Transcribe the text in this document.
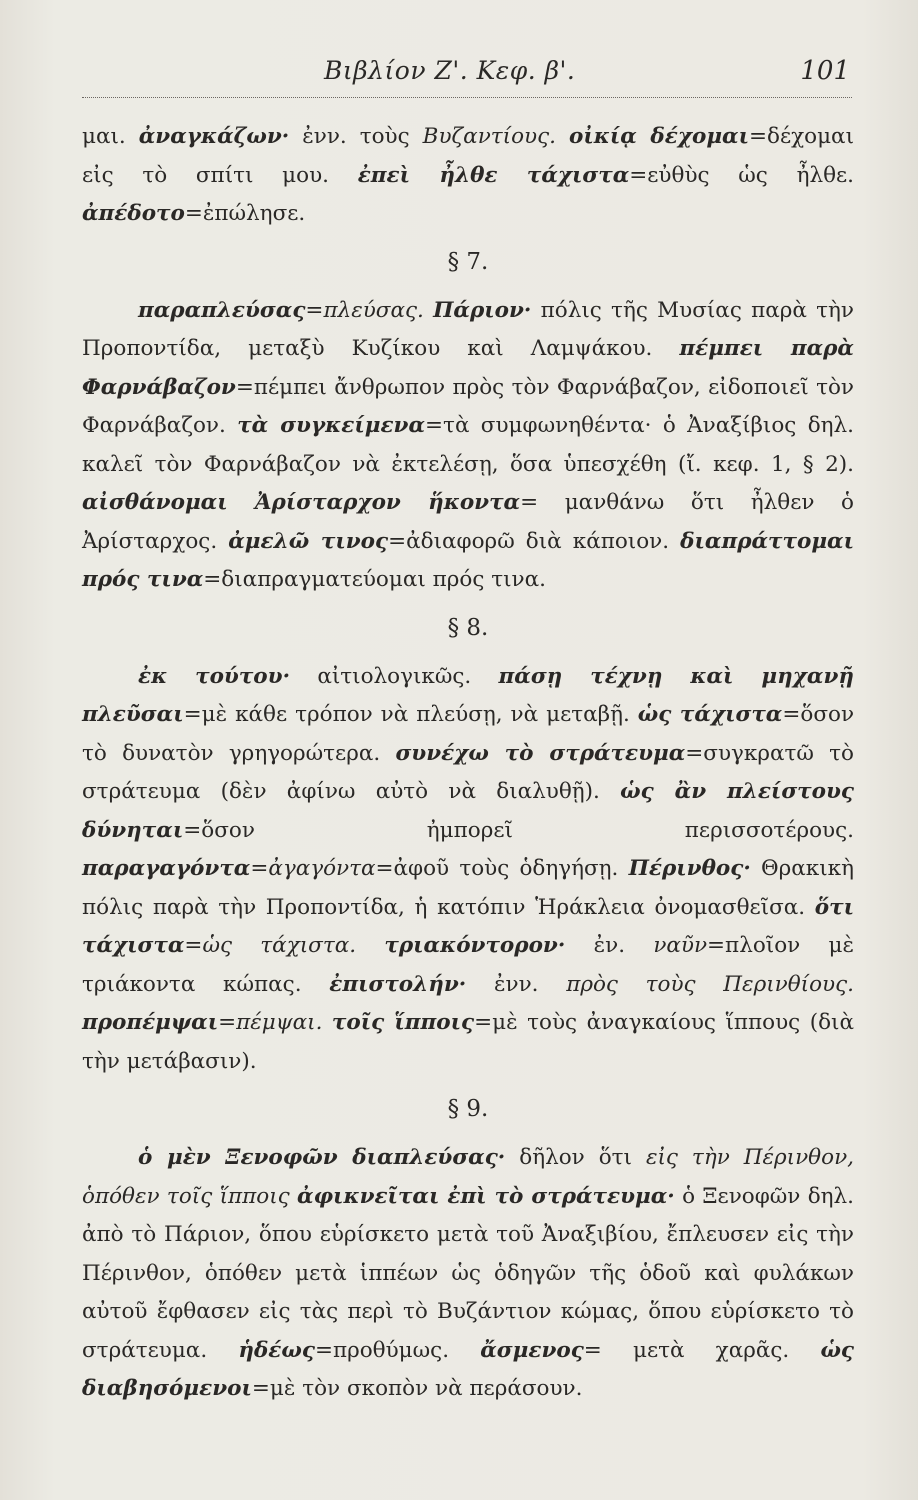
Βιβλίον Ζ'. Κεφ. β'.	101

μαι. ἀναγκάζων· ἐνν. τοὺς Βυζαντίους. οἰκίᾳ δέχομαι=δέχομαι εἰς τὸ σπίτι μου. ἐπεὶ ἦλθε τάχιστα=εὐθὺς ὡς ἦλθε. ἀπέδοτο=ἐπώλησε.

§ 7.

παραπλεύσας=πλεύσας. Πάριον· πόλις τῆς Μυσίας παρὰ τὴν Προποντίδα, μεταξὺ Κυζίκου καὶ Λαμψάκου. πέμπει παρὰ Φαρνάβαζον=πέμπει ἄνθρωπον πρὸς τὸν Φαρνάβαζον, εἰδοποιεῖ τὸν Φαρνάβαζον. τὰ συγκείμενα=τὰ συμφωνηθέντα· ὁ Ἀναξίβιος δηλ. καλεῖ τὸν Φαρνάβαζον νὰ ἐκτελέσῃ, ὅσα ὑπεσχέθη (ἴ. κεφ. 1, § 2). αἰσθάνομαι Ἀρίσταρχον ἥκοντα= μανθάνω ὅτι ἦλθεν ὁ Ἀρίσταρχος. ἀμελῶ τινος=ἀδιαφορῶ διὰ κάποιον. διαπράττομαι πρός τινα=διαπραγματεύομαι πρός τινα.

§ 8.

ἐκ τούτου· αἰτιολογικῶς. πάσῃ τέχνῃ καὶ μηχανῇ πλεῦσαι=μὲ κάθε τρόπον νὰ πλεύσῃ, νὰ μεταβῇ. ὡς τάχιστα=ὅσον τὸ δυνατὸν γρηγορώτερα. συνέχω τὸ στράτευμα=συγκρατῶ τὸ στράτευμα (δὲν ἀφίνω αὐτὸ νὰ διαλυθῇ). ὡς ἂν πλείστους δύνηται=ὅσον ἠμπορεῖ περισσοτέρους. παραγαγόντα=ἀγαγόντα=ἀφοῦ τοὺς ὁδηγήσῃ. Πέρινθος· Θρακικὴ πόλις παρὰ τὴν Προποντίδα, ἡ κατόπιν Ἡράκλεια ὀνομασθεῖσα. ὅτι τάχιστα=ὡς τάχιστα. τριακόντορον· ἐν. ναῦν=πλοῖον μὲ τριάκοντα κώπας. ἐπιστολήν· ἐνν. πρὸς τοὺς Περινθίους. προπέμψαι=πέμψαι. τοῖς ἵπποις=μὲ τοὺς ἀναγκαίους ἵππους (διὰ τὴν μετάβασιν).

§ 9.

ὁ μὲν Ξενοφῶν διαπλεύσας· δῆλον ὅτι εἰς τὴν Πέρινθον, ὁπόθεν τοῖς ἵπποις ἀφικνεῖται ἐπὶ τὸ στράτευμα· ὁ Ξενοφῶν δηλ. ἀπὸ τὸ Πάριον, ὅπου εὑρίσκετο μετὰ τοῦ Ἀναξιβίου, ἔπλευσεν εἰς τὴν Πέρινθον, ὁπόθεν μετὰ ἱππέων ὡς ὁδηγῶν τῆς ὁδοῦ καὶ φυλάκων αὐτοῦ ἔφθασεν εἰς τὰς περὶ τὸ Βυζάντιον κώμας, ὅπου εὑρίσκετο τὸ στράτευμα. ἡδέως=προθύμως. ἄσμενος= μετὰ χαρᾶς. ὡς διαβησόμενοι=μὲ τὸν σκοπὸν νὰ περάσουν.
